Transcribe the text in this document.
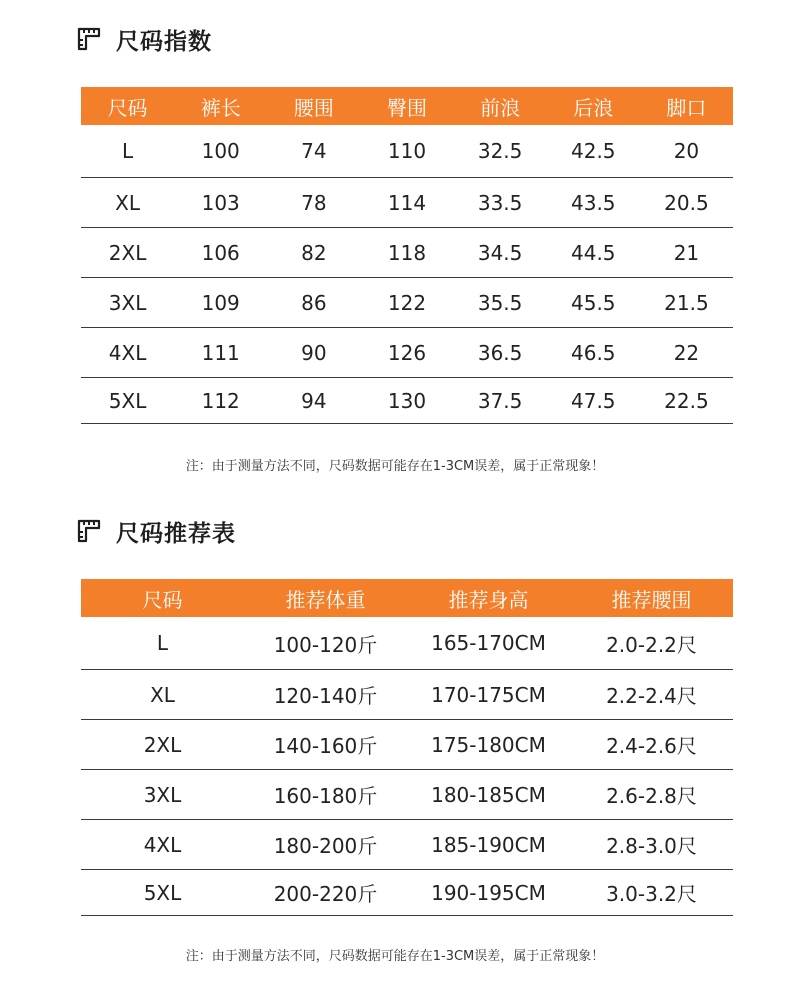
尺码指数
尺码	裤长	腰围	臀围	前浪	后浪	脚口
L	100	74	110	32.5	42.5	20
XL	103	78	114	33.5	43.5	20.5
2XL	106	82	118	34.5	44.5	21
3XL	109	86	122	35.5	45.5	21.5
4XL	111	90	126	36.5	46.5	22
5XL	112	94	130	37.5	47.5	22.5
注：由于测量方法不同，尺码数据可能存在1-3CM误差，属于正常现象！
尺码推荐表
尺码	推荐体重	推荐身高	推荐腰围
L	100-120斤	165-170CM	2.0-2.2尺
XL	120-140斤	170-175CM	2.2-2.4尺
2XL	140-160斤	175-180CM	2.4-2.6尺
3XL	160-180斤	180-185CM	2.6-2.8尺
4XL	180-200斤	185-190CM	2.8-3.0尺
5XL	200-220斤	190-195CM	3.0-3.2尺
注：由于测量方法不同，尺码数据可能存在1-3CM误差，属于正常现象！
